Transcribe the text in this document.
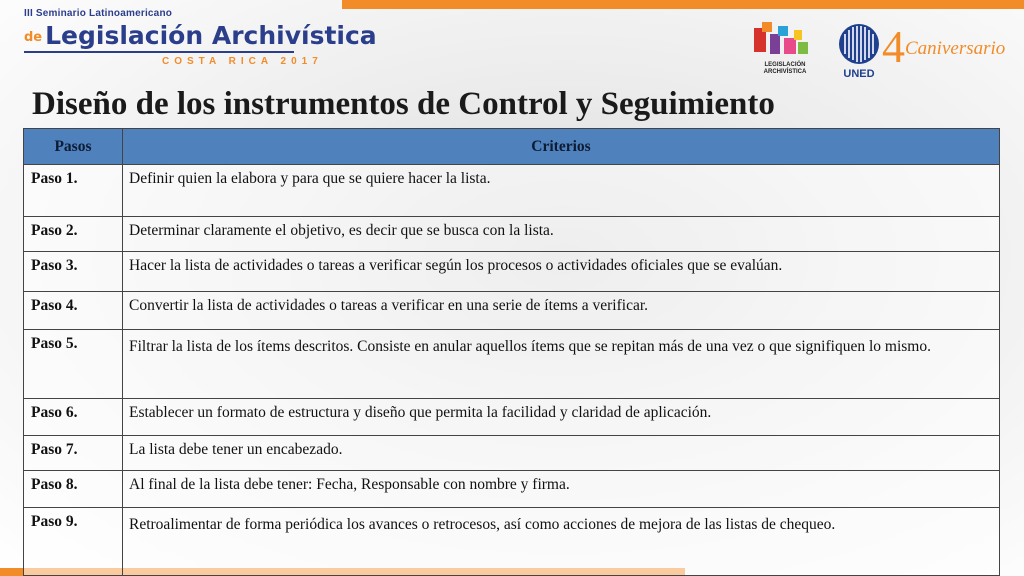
III Seminario Latinoamericano
de Legislación Archivística
COSTA RICA 2017	LEGISLACIÓN
ARCHIVÍSTICA	UNED
4 Caniversario
Diseño de los instrumentos de Control y Seguimiento
Pasos	Criterios
Paso 1.	Definir quien la elabora y para que se quiere hacer la lista.
Paso 2.	Determinar claramente el objetivo, es decir que se busca con la lista.
Paso 3.	Hacer la lista de actividades o tareas a verificar según los procesos o actividades oficiales que se evalúan.
Paso 4.	Convertir la lista de actividades o tareas a verificar en una serie de ítems a verificar.
Paso 5.	Filtrar la lista de los ítems descritos. Consiste en anular aquellos ítems que se repitan más de una vez o que signifiquen lo mismo.
Paso 6.	Establecer un formato de estructura y diseño que permita la facilidad y claridad de aplicación.
Paso 7.	La lista debe tener un encabezado.
Paso 8.	Al final de la lista debe tener: Fecha, Responsable con nombre y firma.
Paso 9.	Retroalimentar de forma periódica los avances o retrocesos, así como acciones de mejora de las listas de chequeo.
